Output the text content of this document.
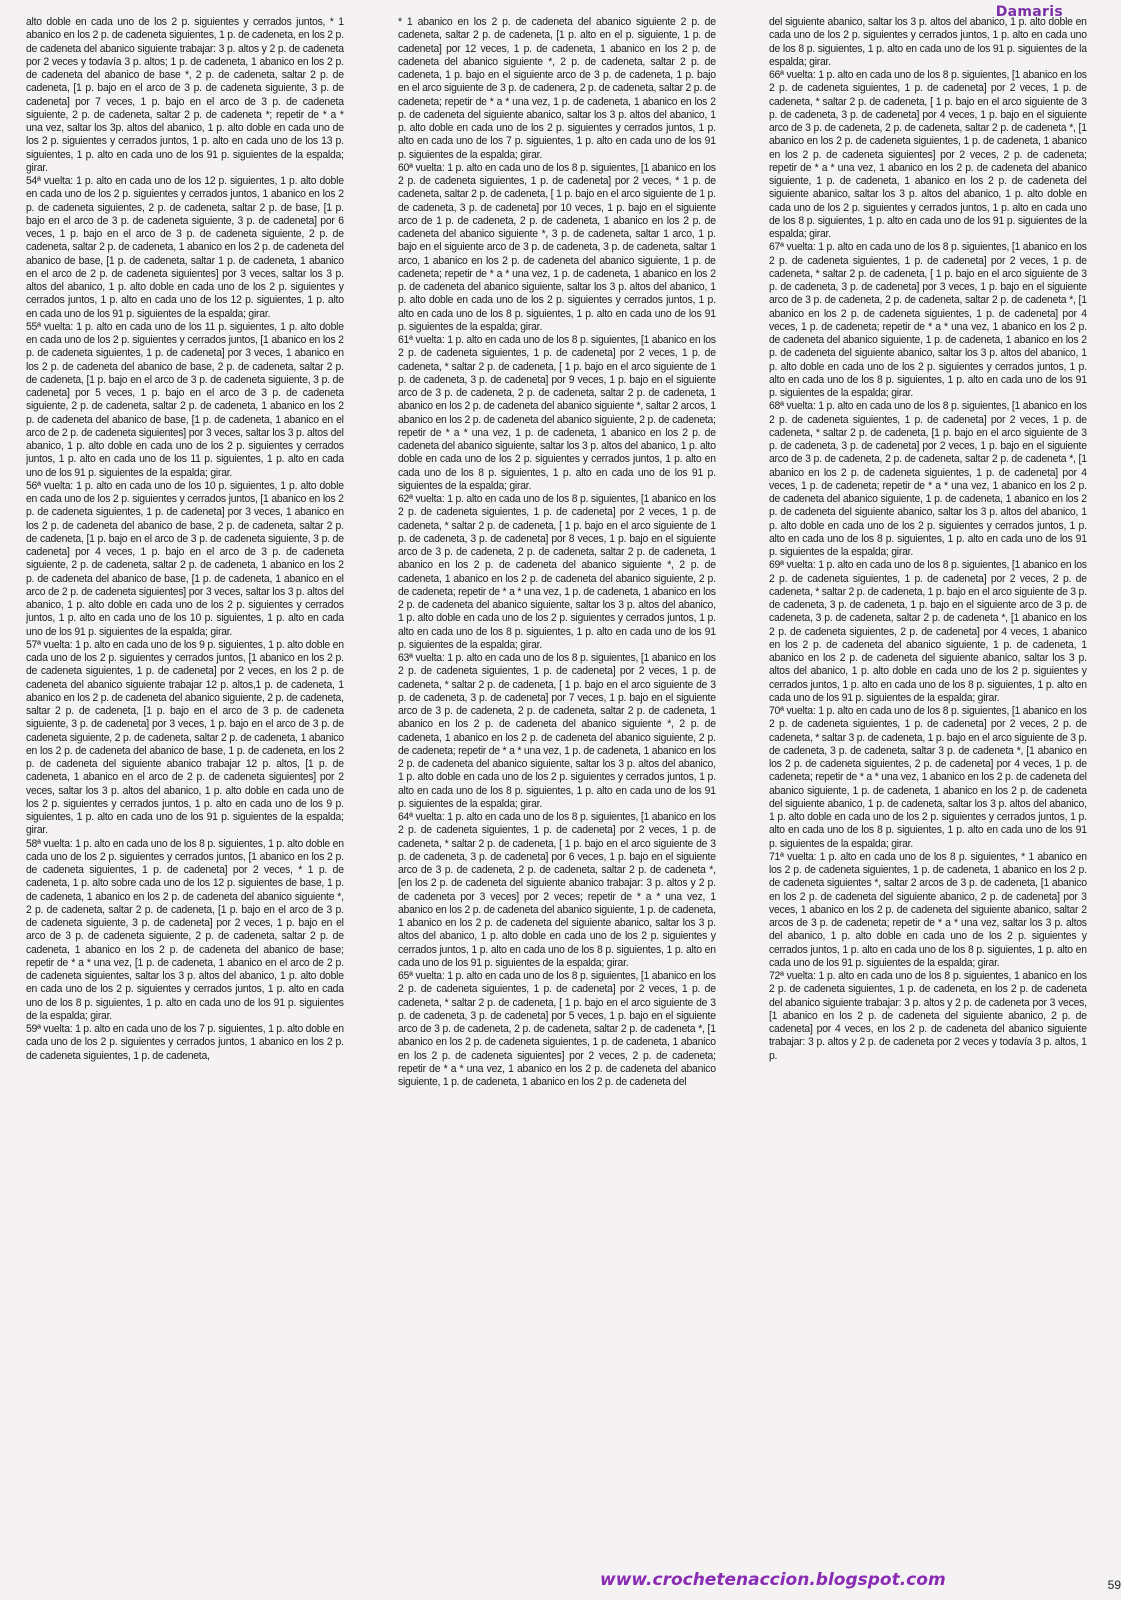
Damaris

alto doble en cada uno de los 2 p. siguientes y cerrados juntos, * 1 abanico en los 2 p. de cadeneta siguientes, 1 p. de cadeneta, en los 2 p. de cadeneta del abanico siguiente trabajar: 3 p. altos y 2 p. de cadeneta por 2 veces y todavía 3 p. altos; 1 p. de cadeneta, 1 abanico en los 2 p. de cadeneta del abanico de base *, 2 p. de cadeneta, saltar 2 p. de cadeneta, [1 p. bajo en el arco de 3 p. de cadeneta siguiente, 3 p. de cadeneta] por 7 veces, 1 p. bajo en el arco de 3 p. de cadeneta siguiente, 2 p. de cadeneta, saltar 2 p. de cadeneta *; repetir de * a * una vez, saltar los 3p. altos del abanico, 1 p. alto doble en cada uno de los 2 p. siguientes y cerrados juntos, 1 p. alto en cada uno de los 13 p. siguientes, 1 p. alto en cada uno de los 91 p. siguientes de la espalda; girar.

54ª vuelta: 1 p. alto en cada uno de los 12 p. siguientes, 1 p. alto doble en cada uno de los 2 p. siguientes y cerrados juntos, 1 abanico en los 2 p. de cadeneta siguientes, 2 p. de cadeneta, saltar 2 p. de base, [1 p. bajo en el arco de 3 p. de cadeneta siguiente, 3 p. de cadeneta] por 6 veces, 1 p. bajo en el arco de 3 p. de cadeneta siguiente, 2 p. de cadeneta, saltar 2 p. de cadeneta, 1 abanico en los 2 p. de cadeneta del abanico de base, [1 p. de cadeneta, saltar 1 p. de cadeneta, 1 abanico en el arco de 2 p. de cadeneta siguientes] por 3 veces, saltar los 3 p. altos del abanico, 1 p. alto doble en cada uno de los 2 p. siguientes y cerrados juntos, 1 p. alto en cada uno de los 12 p. siguientes, 1 p. alto en cada uno de los 91 p. siguientes de la espalda; girar.

55ª vuelta: 1 p. alto en cada uno de los 11 p. siguientes, 1 p. alto doble en cada uno de los 2 p. siguientes y cerrados juntos, [1 abanico en los 2 p. de cadeneta siguientes, 1 p. de cadeneta] por 3 veces, 1 abanico en los 2 p. de cadeneta del abanico de base, 2 p. de cadeneta, saltar 2 p. de cadeneta, [1 p. bajo en el arco de 3 p. de cadeneta siguiente, 3 p. de cadeneta] por 5 veces, 1 p. bajo en el arco de 3 p. de cadeneta siguiente, 2 p. de cadeneta, saltar 2 p. de cadeneta, 1 abanico en los 2 p. de cadeneta del abanico de base, [1 p. de cadeneta, 1 abanico en el arco de 2 p. de cadeneta siguientes] por 3 veces, saltar los 3 p. altos del abanico, 1 p. alto doble en cada uno de los 2 p. siguientes y cerrados juntos, 1 p. alto en cada uno de los 11 p. siguientes, 1 p. alto en cada uno de los 91 p. siguientes de la espalda; girar.

56ª vuelta: 1 p. alto en cada uno de los 10 p. siguientes, 1 p. alto doble en cada uno de los 2 p. siguientes y cerrados juntos, [1 abanico en los 2 p. de cadeneta siguientes, 1 p. de cadeneta] por 3 veces, 1 abanico en los 2 p. de cadeneta del abanico de base, 2 p. de cadeneta, saltar 2 p. de cadeneta, [1 p. bajo en el arco de 3 p. de cadeneta siguiente, 3 p. de cadeneta] por 4 veces, 1 p. bajo en el arco de 3 p. de cadeneta siguiente, 2 p. de cadeneta, saltar 2 p. de cadeneta, 1 abanico en los 2 p. de cadeneta del abanico de base, [1 p. de cadeneta, 1 abanico en el arco de 2 p. de cadeneta siguientes] por 3 veces, saltar los 3 p. altos del abanico, 1 p. alto doble en cada uno de los 2 p. siguientes y cerrados juntos, 1 p. alto en cada uno de los 10 p. siguientes, 1 p. alto en cada uno de los 91 p. siguientes de la espalda; girar.

57ª vuelta: 1 p. alto en cada uno de los 9 p. siguientes, 1 p. alto doble en cada uno de los 2 p. siguientes y cerrados juntos, [1 abanico en los 2 p. de cadeneta siguientes, 1 p. de cadeneta] por 2 veces, en los 2 p. de cadeneta del abanico siguiente trabajar 12 p. altos,1 p. de cadeneta, 1 abanico en los 2 p. de cadeneta del abanico siguiente, 2 p. de cadeneta, saltar 2 p. de cadeneta, [1 p. bajo en el arco de 3 p. de cadeneta siguiente, 3 p. de cadeneta] por 3 veces, 1 p. bajo en el arco de 3 p. de cadeneta siguiente, 2 p. de cadeneta, saltar 2 p. de cadeneta, 1 abanico en los 2 p. de cadeneta del abanico de base, 1 p. de cadeneta, en los 2 p. de cadeneta del siguiente abanico trabajar 12 p. altos, [1 p. de cadeneta, 1 abanico en el arco de 2 p. de cadeneta siguientes] por 2 veces, saltar los 3 p. altos del abanico, 1 p. alto doble en cada uno de los 2 p. siguientes y cerrados juntos, 1 p. alto en cada uno de los 9 p. siguientes, 1 p. alto en cada uno de los 91 p. siguientes de la espalda; girar.

58ª vuelta: 1 p. alto en cada uno de los 8 p. siguientes, 1 p. alto doble en cada uno de los 2 p. siguientes y cerrados juntos, [1 abanico en los 2 p. de cadeneta siguientes, 1 p. de cadeneta] por 2 veces, * 1 p. de cadeneta, 1 p. alto sobre cada uno de los 12 p. siguientes de base, 1 p. de cadeneta, 1 abanico en los 2 p. de cadeneta del abanico siguiente *, 2 p. de cadeneta, saltar 2 p. de cadeneta, [1 p. bajo en el arco de 3 p. de cadeneta siguiente, 3 p. de cadeneta] por 2 veces, 1 p. bajo en el arco de 3 p. de cadeneta siguiente, 2 p. de cadeneta, saltar 2 p. de cadeneta, 1 abanico en los 2 p. de cadeneta del abanico de base; repetir de * a * una vez, [1 p. de cadeneta, 1 abanico en el arco de 2 p. de cadeneta siguientes, saltar los 3 p. altos del abanico, 1 p. alto doble en cada uno de los 2 p. siguientes y cerrados juntos, 1 p. alto en cada uno de los 8 p. siguientes, 1 p. alto en cada uno de los 91 p. siguientes de la espalda; girar.

59ª vuelta: 1 p. alto en cada uno de los 7 p. siguientes, 1 p. alto doble en cada uno de los 2 p. siguientes y cerrados juntos, 1 abanico en los 2 p. de cadeneta siguientes, 1 p. de cadeneta,

* 1 abanico en los 2 p. de cadeneta del abanico siguiente 2 p. de cadeneta, saltar 2 p. de cadeneta, [1 p. alto en el p. siguiente, 1 p. de cadeneta] por 12 veces, 1 p. de cadeneta, 1 abanico en los 2 p. de cadeneta del abanico siguiente *, 2 p. de cadeneta, saltar 2 p. de cadeneta, 1 p. bajo en el siguiente arco de 3 p. de cadeneta, 1 p. bajo en el arco siguiente de 3 p. de cadenera, 2 p. de cadeneta, saltar 2 p. de cadeneta; repetir de * a * una vez, 1 p. de cadeneta, 1 abanico en los 2 p. de cadeneta del siguiente abanico, saltar los 3 p. altos del abanico, 1 p. alto doble en cada uno de los 2 p. siguientes y cerrados juntos, 1 p. alto en cada uno de los 7 p. siguientes, 1 p. alto en cada uno de los 91 p. siguientes de la espalda; girar.

60ª vuelta: 1 p. alto en cada uno de los 8 p. siguientes, [1 abanico en los 2 p. de cadeneta siguientes, 1 p. de cadeneta] por 2 veces, * 1 p. de cadeneta, saltar 2 p. de cadeneta, [ 1 p. bajo en el arco siguiente de 1 p. de cadeneta, 3 p. de cadeneta] por 10 veces, 1 p. bajo en el siguiente arco de 1 p. de cadeneta, 2 p. de cadeneta, 1 abanico en los 2 p. de cadeneta del abanico siguiente *, 3 p. de cadeneta, saltar 1 arco, 1 p. bajo en el siguiente arco de 3 p. de cadeneta, 3 p. de cadeneta, saltar 1 arco, 1 abanico en los 2 p. de cadeneta del abanico siguiente, 1 p. de cadeneta; repetir de * a * una vez, 1 p. de cadeneta, 1 abanico en los 2 p. de cadeneta del abanico siguiente, saltar los 3 p. altos del abanico, 1 p. alto doble en cada uno de los 2 p. siguientes y cerrados juntos, 1 p. alto en cada uno de los 8 p. siguientes, 1 p. alto en cada uno de los 91 p. siguientes de la espalda; girar.

61ª vuelta: 1 p. alto en cada uno de los 8 p. siguientes, [1 abanico en los 2 p. de cadeneta siguientes, 1 p. de cadeneta] por 2 veces, 1 p. de cadeneta, * saltar 2 p. de cadeneta, [ 1 p. bajo en el arco siguiente de 1 p. de cadeneta, 3 p. de cadeneta] por 9 veces, 1 p. bajo en el siguiente arco de 3 p. de cadeneta, 2 p. de cadeneta, saltar 2 p. de cadeneta, 1 abanico en los 2 p. de cadeneta del abanico siguiente *, saltar 2 arcos, 1 abanico en los 2 p. de cadeneta del abanico siguiente, 2 p. de cadeneta; repetir de * a * una vez, 1 p. de cadeneta, 1 abanico en los 2 p. de cadeneta del abanico siguiente, saltar los 3 p. altos del abanico, 1 p. alto doble en cada uno de los 2 p. siguientes y cerrados juntos, 1 p. alto en cada uno de los 8 p. siguientes, 1 p. alto en cada uno de los 91 p. siguientes de la espalda; girar.

62ª vuelta: 1 p. alto en cada uno de los 8 p. siguientes, [1 abanico en los 2 p. de cadeneta siguientes, 1 p. de cadeneta] por 2 veces, 1 p. de cadeneta, * saltar 2 p. de cadeneta, [ 1 p. bajo en el arco siguiente de 1 p. de cadeneta, 3 p. de cadeneta] por 8 veces, 1 p. bajo en el siguiente arco de 3 p. de cadeneta, 2 p. de cadeneta, saltar 2 p. de cadeneta, 1 abanico en los 2 p. de cadeneta del abanico siguiente *, 2 p. de cadeneta, 1 abanico en los 2 p. de cadeneta del abanico siguiente, 2 p. de cadeneta; repetir de * a * una vez, 1 p. de cadeneta, 1 abanico en los 2 p. de cadeneta del abanico siguiente, saltar los 3 p. altos del abanico, 1 p. alto doble en cada uno de los 2 p. siguientes y cerrados juntos, 1 p. alto en cada uno de los 8 p. siguientes, 1 p. alto en cada uno de los 91 p. siguientes de la espalda; girar.

63ª vuelta: 1 p. alto en cada uno de los 8 p. siguientes, [1 abanico en los 2 p. de cadeneta siguientes, 1 p. de cadeneta] por 2 veces, 1 p. de cadeneta, * saltar 2 p. de cadeneta, [ 1 p. bajo en el arco siguiente de 3 p. de cadeneta, 3 p. de cadeneta] por 7 veces, 1 p. bajo en el siguiente arco de 3 p. de cadeneta, 2 p. de cadeneta, saltar 2 p. de cadeneta, 1 abanico en los 2 p. de cadeneta del abanico siguiente *, 2 p. de cadeneta, 1 abanico en los 2 p. de cadeneta del abanico siguiente, 2 p. de cadeneta; repetir de * a * una vez, 1 p. de cadeneta, 1 abanico en los 2 p. de cadeneta del abanico siguiente, saltar los 3 p. altos del abanico, 1 p. alto doble en cada uno de los 2 p. siguientes y cerrados juntos, 1 p. alto en cada uno de los 8 p. siguientes, 1 p. alto en cada uno de los 91 p. siguientes de la espalda; girar.

64ª vuelta: 1 p. alto en cada uno de los 8 p. siguientes, [1 abanico en los 2 p. de cadeneta siguientes, 1 p. de cadeneta] por 2 veces, 1 p. de cadeneta, * saltar 2 p. de cadeneta, [ 1 p. bajo en el arco siguiente de 3 p. de cadeneta, 3 p. de cadeneta] por 6 veces, 1 p. bajo en el siguiente arco de 3 p. de cadeneta, 2 p. de cadeneta, saltar 2 p. de cadeneta *, [en los 2 p. de cadeneta del siguiente abanico trabajar: 3 p. altos y 2 p. de cadeneta por 3 veces] por 2 veces; repetir de * a * una vez, 1 abanico en los 2 p. de cadeneta del abanico siguiente, 1 p. de cadeneta, 1 abanico en los 2 p. de cadeneta del siguiente abanico, saltar los 3 p. altos del abanico, 1 p. alto doble en cada uno de los 2 p. siguientes y cerrados juntos, 1 p. alto en cada uno de los 8 p. siguientes, 1 p. alto en cada uno de los 91 p. siguientes de la espalda; girar.

65ª vuelta: 1 p. alto en cada uno de los 8 p. siguientes, [1 abanico en los 2 p. de cadeneta siguientes, 1 p. de cadeneta] por 2 veces, 1 p. de cadeneta, * saltar 2 p. de cadeneta, [ 1 p. bajo en el arco siguiente de 3 p. de cadeneta, 3 p. de cadeneta] por 5 veces, 1 p. bajo en el siguiente arco de 3 p. de cadeneta, 2 p. de cadeneta, saltar 2 p. de cadeneta *, [1 abanico en los 2 p. de cadeneta siguientes, 1 p. de cadeneta, 1 abanico en los 2 p. de cadeneta siguientes] por 2 veces, 2 p. de cadeneta; repetir de * a * una vez, 1 abanico en los 2 p. de cadeneta del abanico siguiente, 1 p. de cadeneta, 1 abanico en los 2 p. de cadeneta del

del siguiente abanico, saltar los 3 p. altos del abanico, 1 p. alto doble en cada uno de los 2 p. siguientes y cerrados juntos, 1 p. alto en cada uno de los 8 p. siguientes, 1 p. alto en cada uno de los 91 p. siguientes de la espalda; girar.

66ª vuelta: 1 p. alto en cada uno de los 8 p. siguientes, [1 abanico en los 2 p. de cadeneta siguientes, 1 p. de cadeneta] por 2 veces, 1 p. de cadeneta, * saltar 2 p. de cadeneta, [ 1 p. bajo en el arco siguiente de 3 p. de cadeneta, 3 p. de cadeneta] por 4 veces, 1 p. bajo en el siguiente arco de 3 p. de cadeneta, 2 p. de cadeneta, saltar 2 p. de cadeneta *, [1 abanico en los 2 p. de cadeneta siguientes, 1 p. de cadeneta, 1 abanico en los 2 p. de cadeneta siguientes] por 2 veces, 2 p. de cadeneta; repetir de * a * una vez, 1 abanico en los 2 p. de cadeneta del abanico siguiente, 1 p. de cadeneta, 1 abanico en los 2 p. de cadeneta del siguiente abanico, saltar los 3 p. altos del abanico, 1 p. alto doble en cada uno de los 2 p. siguientes y cerrados juntos, 1 p. alto en cada uno de los 8 p. siguientes, 1 p. alto en cada uno de los 91 p. siguientes de la espalda; girar.

67ª vuelta: 1 p. alto en cada uno de los 8 p. siguientes, [1 abanico en los 2 p. de cadeneta siguientes, 1 p. de cadeneta] por 2 veces, 1 p. de cadeneta, * saltar 2 p. de cadeneta, [ 1 p. bajo en el arco siguiente de 3 p. de cadeneta, 3 p. de cadeneta] por 3 veces, 1 p. bajo en el siguiente arco de 3 p. de cadeneta, 2 p. de cadeneta, saltar 2 p. de cadeneta *, [1 abanico en los 2 p. de cadeneta siguientes, 1 p. de cadeneta] por 4 veces, 1 p. de cadeneta; repetir de * a * una vez, 1 abanico en los 2 p. de cadeneta del abanico siguiente, 1 p. de cadeneta, 1 abanico en los 2 p. de cadeneta del siguiente abanico, saltar los 3 p. altos del abanico, 1 p. alto doble en cada uno de los 2 p. siguientes y cerrados juntos, 1 p. alto en cada uno de los 8 p. siguientes, 1 p. alto en cada uno de los 91 p. siguientes de la espalda; girar.

68ª vuelta: 1 p. alto en cada uno de los 8 p. siguientes, [1 abanico en los 2 p. de cadeneta siguientes, 1 p. de cadeneta] por 2 veces, 1 p. de cadeneta, * saltar 2 p. de cadeneta, [1 p. bajo en el arco siguiente de 3 p. de cadeneta, 3 p. de cadeneta] por 2 veces, 1 p. bajo en el siguiente arco de 3 p. de cadeneta, 2 p. de cadeneta, saltar 2 p. de cadeneta *, [1 abanico en los 2 p. de cadeneta siguientes, 1 p. de cadeneta] por 4 veces, 1 p. de cadeneta; repetir de * a * una vez, 1 abanico en los 2 p. de cadeneta del abanico siguiente, 1 p. de cadeneta, 1 abanico en los 2 p. de cadeneta del siguiente abanico, saltar los 3 p. altos del abanico, 1 p. alto doble en cada uno de los 2 p. siguientes y cerrados juntos, 1 p. alto en cada uno de los 8 p. siguientes, 1 p. alto en cada uno de los 91 p. siguientes de la espalda; girar.

69ª vuelta: 1 p. alto en cada uno de los 8 p. siguientes, [1 abanico en los 2 p. de cadeneta siguientes, 1 p. de cadeneta] por 2 veces, 2 p. de cadeneta, * saltar 2 p. de cadeneta, 1 p. bajo en el arco siguiente de 3 p. de cadeneta, 3 p. de cadeneta, 1 p. bajo en el siguiente arco de 3 p. de cadeneta, 3 p. de cadeneta, saltar 2 p. de cadeneta *, [1 abanico en los 2 p. de cadeneta siguientes, 2 p. de cadeneta] por 4 veces, 1 abanico en los 2 p. de cadeneta del abanico siguiente, 1 p. de cadeneta, 1 abanico en los 2 p. de cadeneta del siguiente abanico, saltar los 3 p. altos del abanico, 1 p. alto doble en cada uno de los 2 p. siguientes y cerrados juntos, 1 p. alto en cada uno de los 8 p. siguientes, 1 p. alto en cada uno de los 91 p. siguientes de la espalda; girar.

70ª vuelta: 1 p. alto en cada uno de los 8 p. siguientes, [1 abanico en los 2 p. de cadeneta siguientes, 1 p. de cadeneta] por 2 veces, 2 p. de cadeneta, * saltar 3 p. de cadeneta, 1 p. bajo en el arco siguiente de 3 p. de cadeneta, 3 p. de cadeneta, saltar 3 p. de cadeneta *, [1 abanico en los 2 p. de cadeneta siguientes, 2 p. de cadeneta] por 4 veces, 1 p. de cadeneta; repetir de * a * una vez, 1 abanico en los 2 p. de cadeneta del abanico siguiente, 1 p. de cadeneta, 1 abanico en los 2 p. de cadeneta del siguiente abanico, 1 p. de cadeneta, saltar los 3 p. altos del abanico, 1 p. alto doble en cada uno de los 2 p. siguientes y cerrados juntos, 1 p. alto en cada uno de los 8 p. siguientes, 1 p. alto en cada uno de los 91 p. siguientes de la espalda; girar.

71ª vuelta: 1 p. alto en cada uno de los 8 p. siguientes, * 1 abanico en los 2 p. de cadeneta siguientes, 1 p. de cadeneta, 1 abanico en los 2 p. de cadeneta siguientes *, saltar 2 arcos de 3 p. de cadeneta, [1 abanico en los 2 p. de cadeneta del siguiente abanico, 2 p. de cadeneta] por 3 veces, 1 abanico en los 2 p. de cadeneta del siguiente abanico, saltar 2 arcos de 3 p. de cadeneta; repetir de * a * una vez, saltar los 3 p. altos del abanico, 1 p. alto doble en cada uno de los 2 p. siguientes y cerrados juntos, 1 p. alto en cada uno de los 8 p. siguientes, 1 p. alto en cada uno de los 91 p. siguientes de la espalda; girar.

72ª vuelta: 1 p. alto en cada uno de los 8 p. siguientes, 1 abanico en los 2 p. de cadeneta siguientes, 1 p. de cadeneta, en los 2 p. de cadeneta del abanico siguiente trabajar: 3 p. altos y 2 p. de cadeneta por 3 veces, [1 abanico en los 2 p. de cadeneta del siguiente abanico, 2 p. de cadeneta] por 4 veces, en los 2 p. de cadeneta del abanico siguiente trabajar: 3 p. altos y 2 p. de cadeneta por 2 veces y todavía 3 p. altos, 1 p.

www.crochetenaccion.blogspot.com	59
